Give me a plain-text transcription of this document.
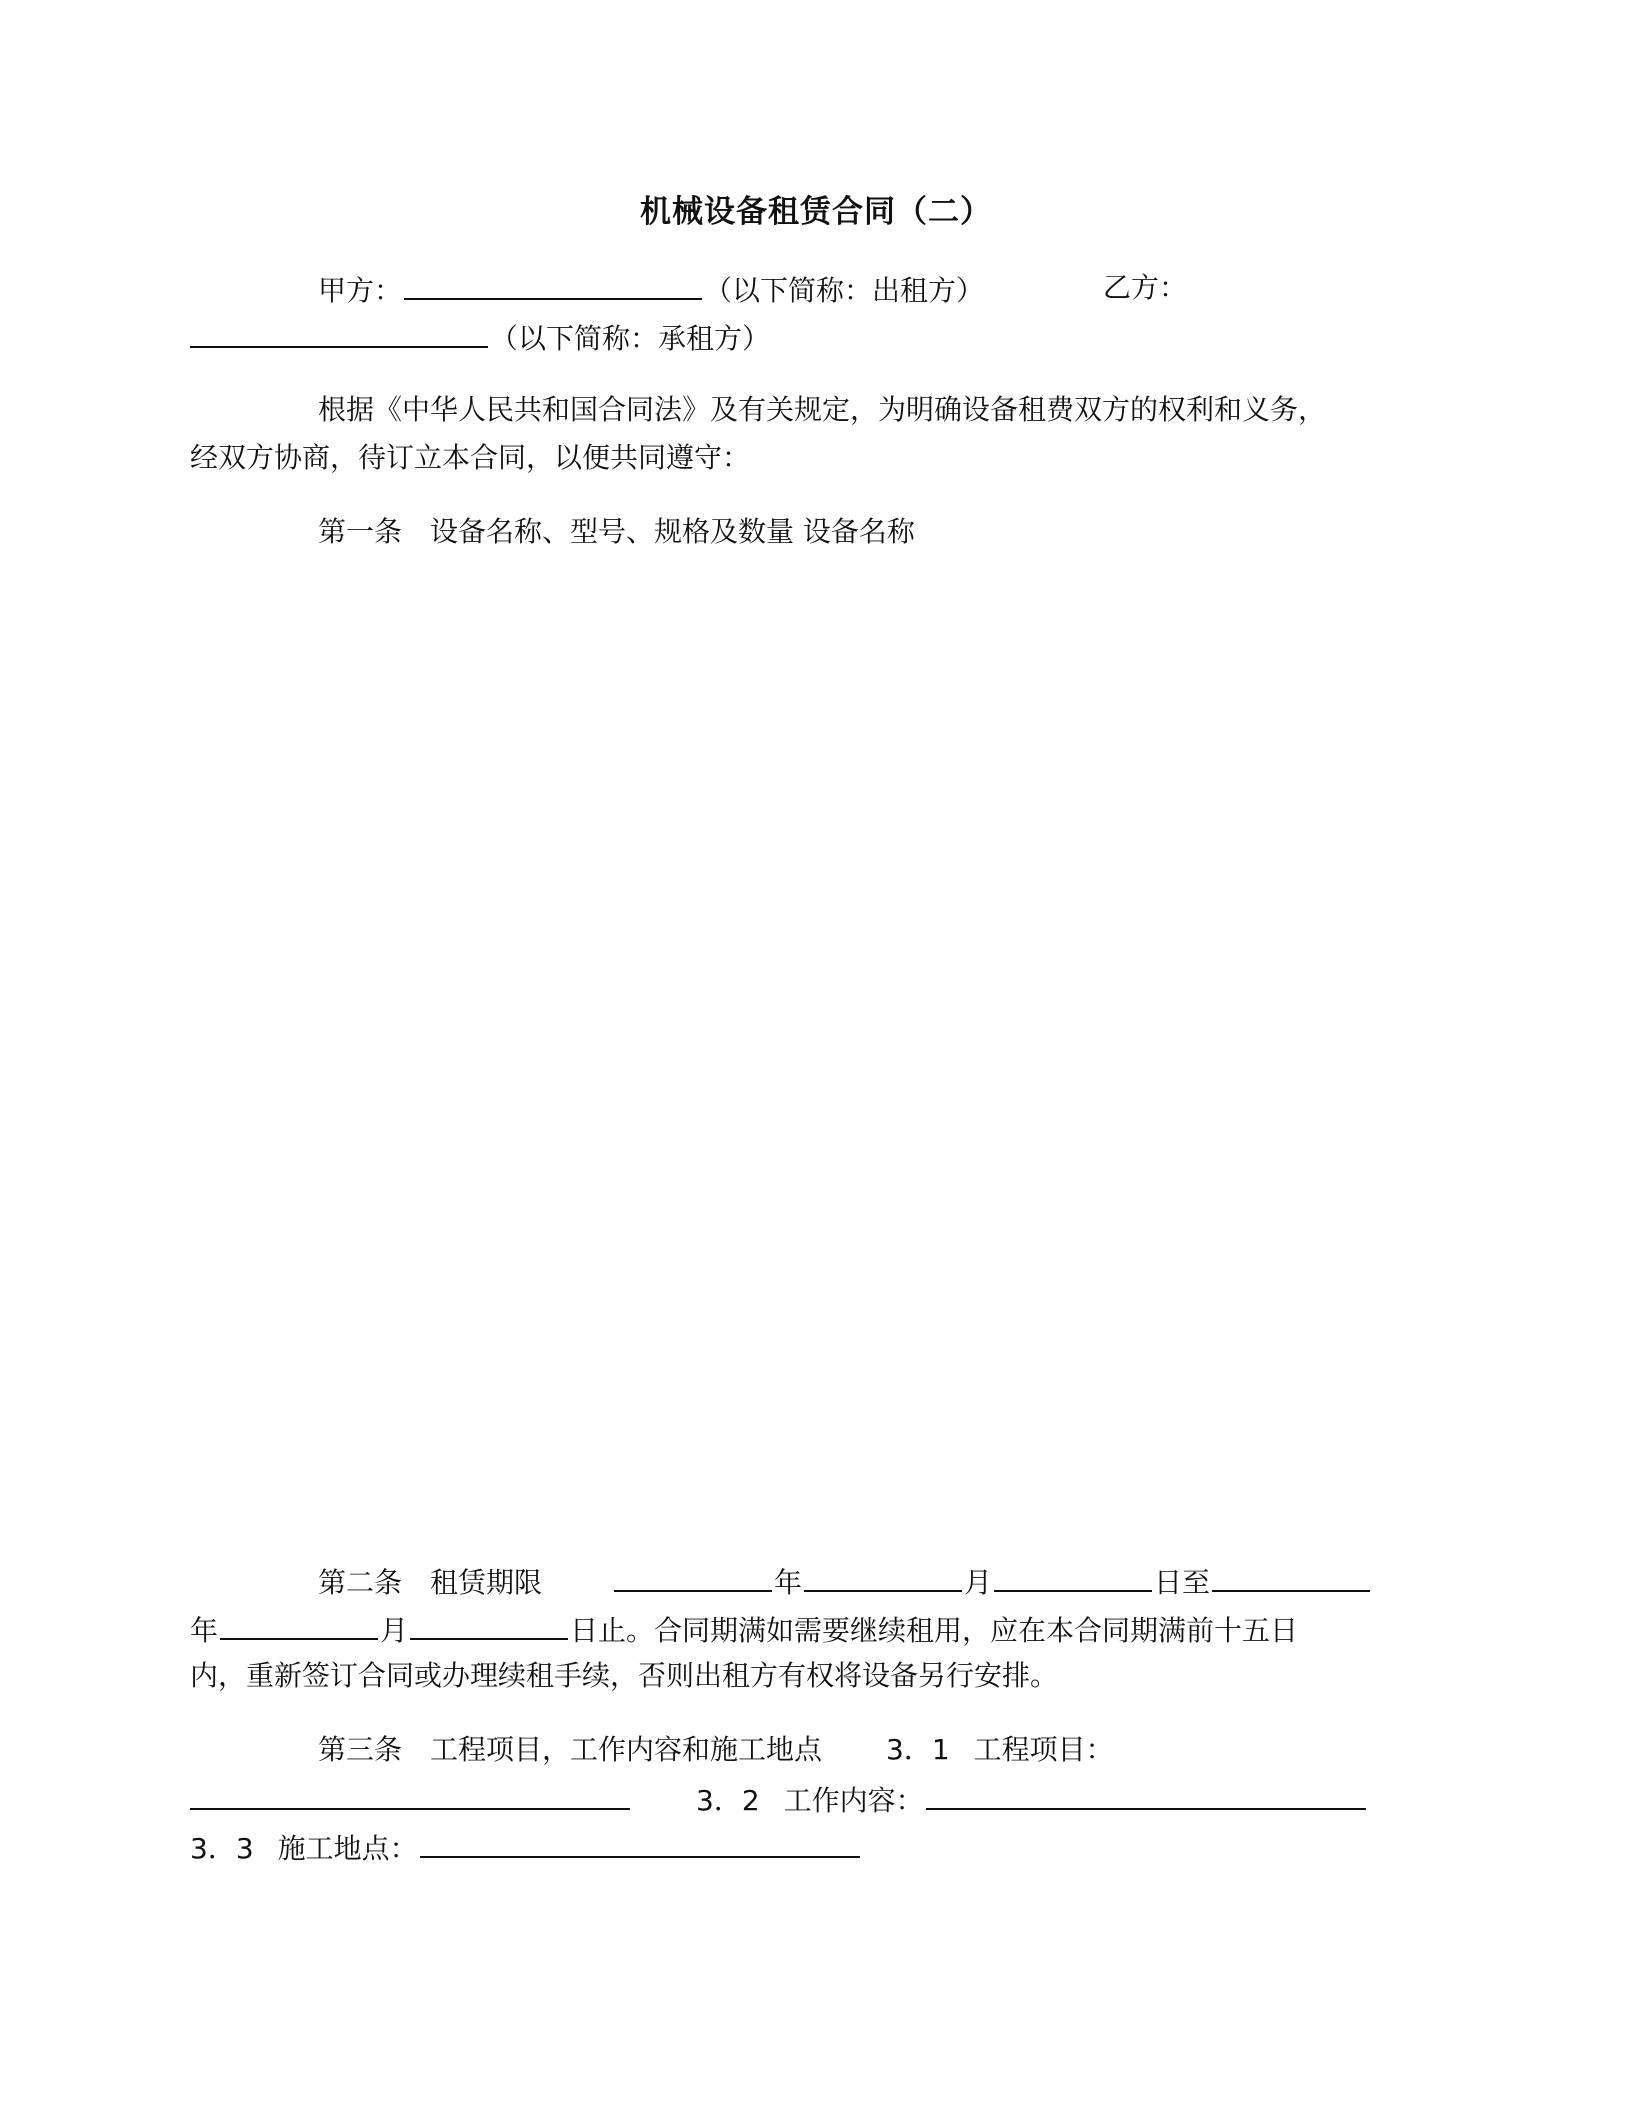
机械设备租赁合同（二）
甲方：	（以下简称：出租方）	乙方：
（以下简称：承租方）
根据《中华人民共和国合同法》及有关规定，为明确设备租费双方的权利和义务，
经双方协商，待订立本合同，以便共同遵守：
第一条　设备名称、型号、规格及数量 设备名称
第二条　租赁期限	年	月	日至
年	月	日止。合同期满如需要继续租用，应在本合同期满前十五日
内，重新签订合同或办理续租手续，否则出租方有权将设备另行安排。
第三条　工程项目，工作内容和施工地点 3．1 工程项目：
3．2 工作内容：
3．3 施工地点：
